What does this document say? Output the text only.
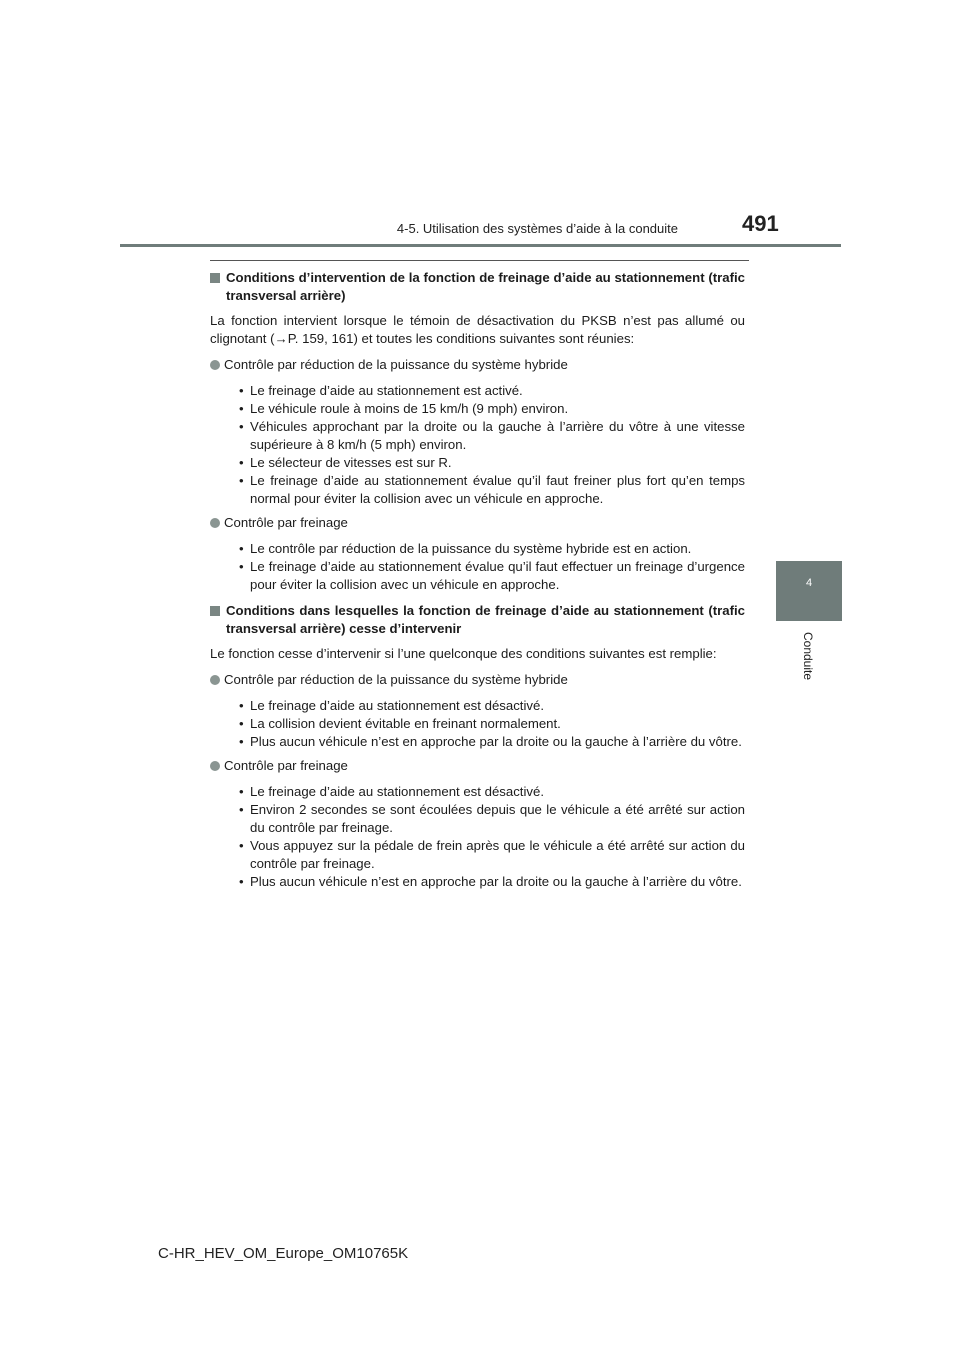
4-5. Utilisation des systèmes d’aide à la conduite	491
4
Conduite
Conditions d’intervention de la fonction de freinage d’aide au stationnement (trafic transversal arrière)

La fonction intervient lorsque le témoin de désactivation du PKSB n’est pas allumé ou clignotant (→P. 159, 161) et toutes les conditions suivantes sont réunies:

Contrôle par réduction de la puissance du système hybride
• Le freinage d’aide au stationnement est activé.
• Le véhicule roule à moins de 15 km/h (9 mph) environ.
• Véhicules approchant par la droite ou la gauche à l’arrière du vôtre à une vitesse supérieure à 8 km/h (5 mph) environ.
• Le sélecteur de vitesses est sur R.
• Le freinage d’aide au stationnement évalue qu’il faut freiner plus fort qu’en temps normal pour éviter la collision avec un véhicule en approche.
Contrôle par freinage
• Le contrôle par réduction de la puissance du système hybride est en action.
• Le freinage d’aide au stationnement évalue qu’il faut effectuer un freinage d’urgence pour éviter la collision avec un véhicule en approche.
Conditions dans lesquelles la fonction de freinage d’aide au stationnement (trafic transversal arrière) cesse d’intervenir

Le fonction cesse d’intervenir si l’une quelconque des conditions suivantes est remplie:

Contrôle par réduction de la puissance du système hybride
• Le freinage d’aide au stationnement est désactivé.
• La collision devient évitable en freinant normalement.
• Plus aucun véhicule n’est en approche par la droite ou la gauche à l’arrière du vôtre.
Contrôle par freinage
• Le freinage d’aide au stationnement est désactivé.
• Environ 2 secondes se sont écoulées depuis que le véhicule a été arrêté sur action du contrôle par freinage.
• Vous appuyez sur la pédale de frein après que le véhicule a été arrêté sur action du contrôle par freinage.
• Plus aucun véhicule n’est en approche par la droite ou la gauche à l’arrière du vôtre.
C-HR_HEV_OM_Europe_OM10765K
